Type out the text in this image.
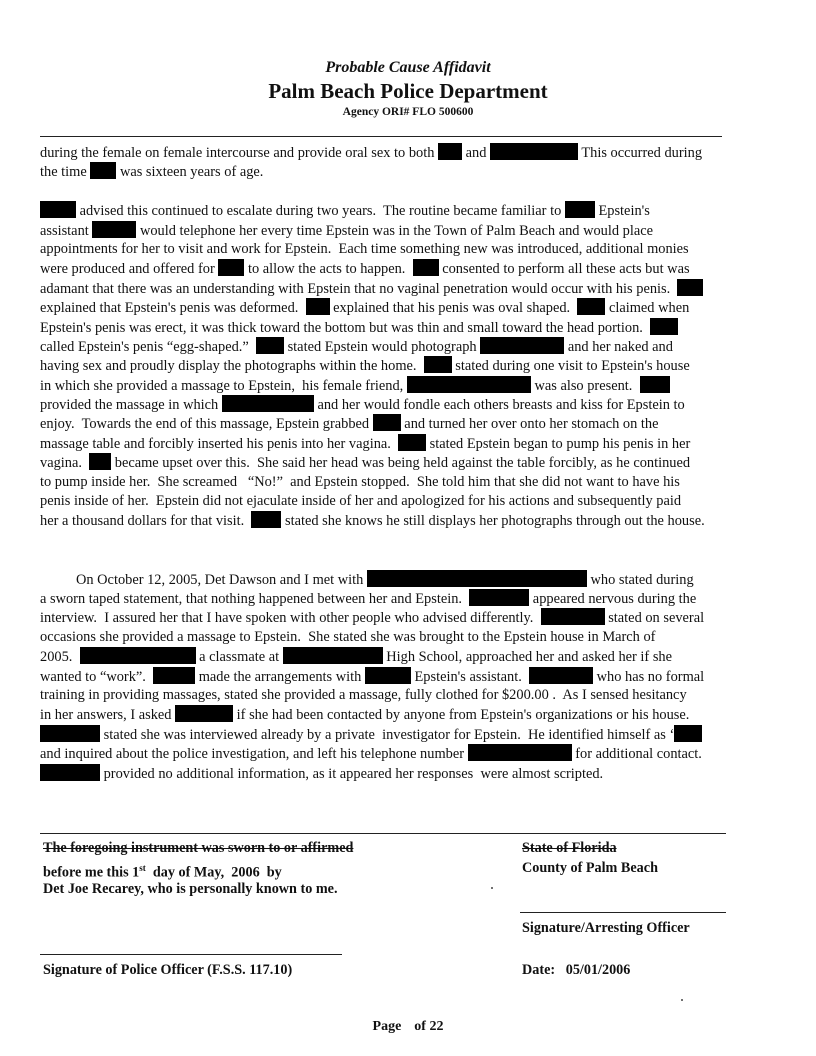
Probable Cause Affidavit
Palm Beach Police Department
Agency ORI# FLO 500600
during the female on female intercourse and provide oral sex to both  and	This occurred during
the time  was sixteen years of age.
advised this continued to escalate during two years.  The routine became familiar to  Epstein's
assistant	would telephone her every time Epstein was in the Town of Palm Beach and would place
appointments for her to visit and work for Epstein.  Each time something new was introduced, additional monies
were produced and offered for  to allow the acts to happen.   consented to perform all these acts but was
adamant that there was an understanding with Epstein that no vaginal penetration would occur with his penis.
explained that Epstein's penis was deformed.   explained that his penis was oval shaped.   claimed when
Epstein's penis was erect, it was thick toward the bottom but was thin and small toward the head portion.
called Epstein's penis “egg-shaped.”   stated Epstein would photograph	and her naked and
having sex and proudly display the photographs within the home.   stated during one visit to Epstein's house
in which she provided a massage to Epstein,  his female friend,	was also present.
provided the massage in which	and her would fondle each others breasts and kiss for Epstein to
enjoy.  Towards the end of this massage, Epstein grabbed  and turned her over onto her stomach on the
massage table and forcibly inserted his penis into her vagina.   stated Epstein began to pump his penis in her
vagina.   became upset over this.  She said her head was being held against the table forcibly, as he continued
to pump inside her.  She screamed   “No!”  and Epstein stopped.  She told him that she did not want to have his
penis inside of her.  Epstein did not ejaculate inside of her and apologized for his actions and subsequently paid
her a thousand dollars for that visit.   stated she knows he still displays her photographs through out the house.
On October 12, 2005, Det Dawson and I met with	who stated during
a sworn taped statement, that nothing happened between her and Epstein.	appeared nervous during the
interview.  I assured her that I have spoken with other people who advised differently.	stated on several
occasions she provided a massage to Epstein.  She stated she was brought to the Epstein house in March of
2005.	a classmate at	High School, approached her and asked her if she
wanted to “work”.	made the arrangements with	Epstein's assistant.	who has no formal
training in providing massages, stated she provided a massage, fully clothed for $200.00 .  As I sensed hesitancy
in her answers, I asked	if she had been contacted by anyone from Epstein's organizations or his house.
stated she was interviewed already by a private  investigator for Epstein.  He identified himself as ‘
and inquired about the police investigation, and left his telephone number	for additional contact.
provided no additional information, as it appeared her responses  were almost scripted.
The foregoing instrument was sworn to or affirmed
before me this 1st  day of May,  2006  by
Det Joe Recarey, who is personally known to me.
State of Florida
County of Palm Beach
Signature/Arresting Officer
Signature of Police Officer (F.S.S. 117.10)	Date: 05/01/2006
Page of 22
